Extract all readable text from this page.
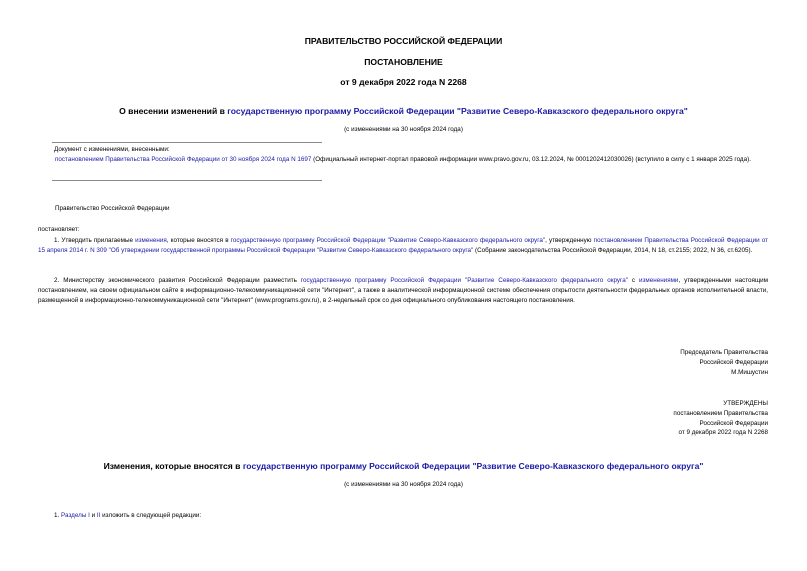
ПРАВИТЕЛЬСТВО РОССИЙСКОЙ ФЕДЕРАЦИИ
ПОСТАНОВЛЕНИЕ
от 9 декабря 2022 года N 2268
О внесении изменений в государственную программу Российской Федерации "Развитие Северо-Кавказского федерального округа"
(с изменениями на 30 ноября 2024 года)

Документ с изменениями, внесенными:

постановлением Правительства Российской Федерации от 30 ноября 2024 года N 1697 (Официальный интернет-портал правовой информации www.pravo.gov.ru, 03.12.2024, № 0001202412030026) (вступило в силу с 1 января 2025 года).

Правительство Российской Федерации
постановляет:
1. Утвердить прилагаемые изменения, которые вносятся в государственную программу Российской Федерации "Развитие Северо-Кавказского федерального округа", утвержденную постановлением Правительства Российской Федерации от 15 апреля 2014 г. N 309 "Об утверждении государственной программы Российской Федерации "Развитие Северо-Кавказского федерального округа" (Собрание законодательства Российской Федерации, 2014, N 18, ст.2155; 2022, N 36, ст.6205).
2. Министерству экономического развития Российской Федерации разместить государственную программу Российской Федерации "Развитие Северо-Кавказского федерального округа" с изменениями, утвержденными настоящим постановлением, на своем официальном сайте в информационно-телекоммуникационной сети "Интернет", а также в аналитической информационной системе обеспечения открытости деятельности федеральных органов исполнительной власти, размещенной в информационно-телекоммуникационной сети "Интернет" (www.programs.gov.ru), в 2-недельный срок со дня официального опубликования настоящего постановления.

Председатель Правительства

Российской Федерации

М.Мишустин

УТВЕРЖДЕНЫ

постановлением Правительства

Российской Федерации

от 9 декабря 2022 года N 2268

Изменения, которые вносятся в государственную программу Российской Федерации "Развитие Северо-Кавказского федерального округа"
(с изменениями на 30 ноября 2024 года)
1. Разделы I и II изложить в следующей редакции:
